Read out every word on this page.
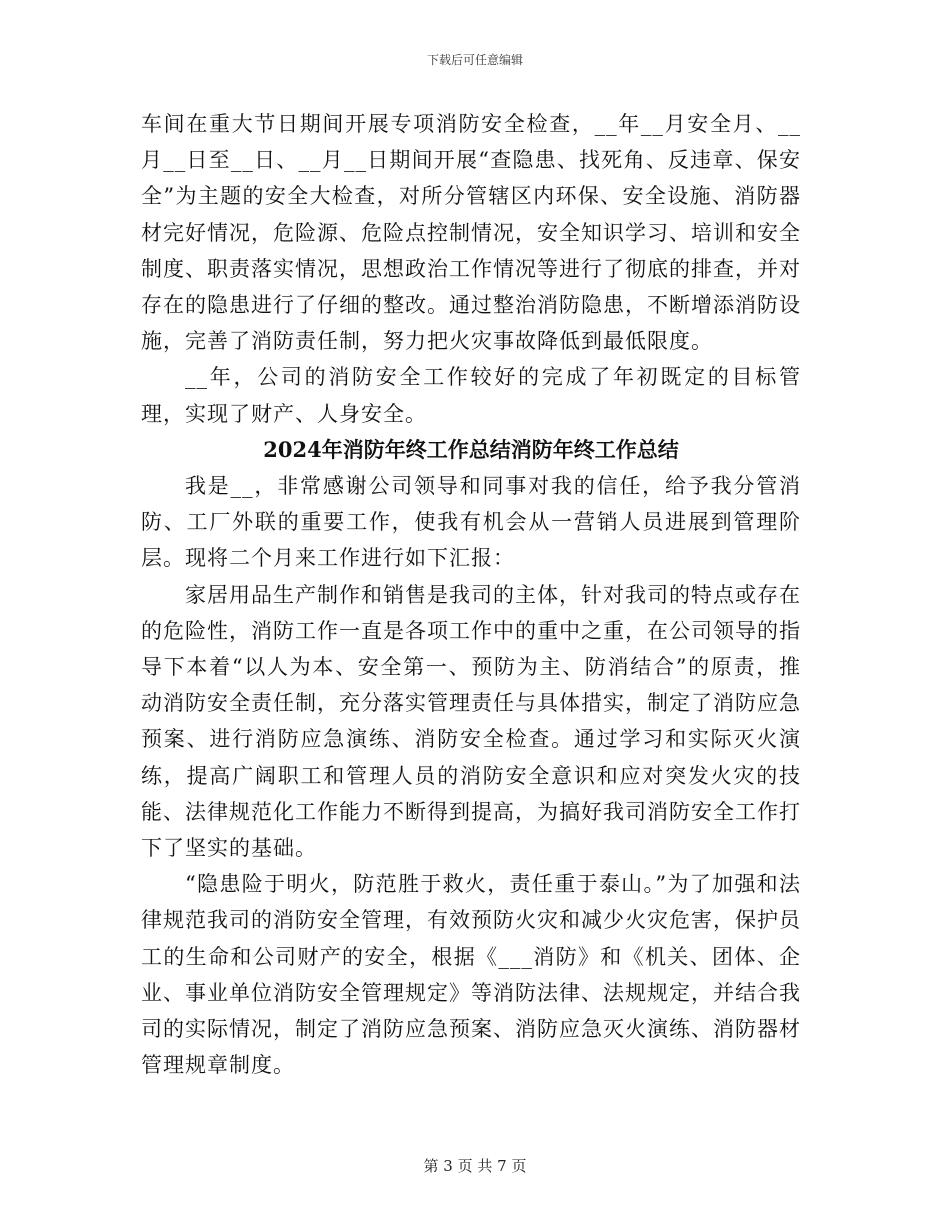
下载后可任意编辑

车间在重大节日期间开展专项消防安全检查，__年__月安全月、__月__日至__日、__月__日期间开展“查隐患、找死角、反违章、保安全”为主题的安全大检查，对所分管辖区内环保、安全设施、消防器材完好情况，危险源、危险点控制情况，安全知识学习、培训和安全制度、职责落实情况，思想政治工作情况等进行了彻底的排查，并对存在的隐患进行了仔细的整改。通过整治消防隐患，不断增添消防设施，完善了消防责任制，努力把火灾事故降低到最低限度。

__年，公司的消防安全工作较好的完成了年初既定的目标管理，实现了财产、人身安全。

2024年消防年终工作总结消防年终工作总结

我是__，非常感谢公司领导和同事对我的信任，给予我分管消防、工厂外联的重要工作，使我有机会从一营销人员进展到管理阶层。现将二个月来工作进行如下汇报：

家居用品生产制作和销售是我司的主体，针对我司的特点或存在的危险性，消防工作一直是各项工作中的重中之重，在公司领导的指导下本着“以人为本、安全第一、预防为主、防消结合”的原责，推动消防安全责任制，充分落实管理责任与具体措实，制定了消防应急预案、进行消防应急演练、消防安全检查。通过学习和实际灭火演练，提高广阔职工和管理人员的消防安全意识和应对突发火灾的技能、法律规范化工作能力不断得到提高，为搞好我司消防安全工作打下了坚实的基础。

“隐患险于明火，防范胜于救火，责任重于泰山。”为了加强和法律规范我司的消防安全管理，有效预防火灾和减少火灾危害，保护员工的生命和公司财产的安全，根据《___消防》和《机关、团体、企业、事业单位消防安全管理规定》等消防法律、法规规定，并结合我司的实际情况，制定了消防应急预案、消防应急灭火演练、消防器材管理规章制度。

第 3 页 共 7 页
